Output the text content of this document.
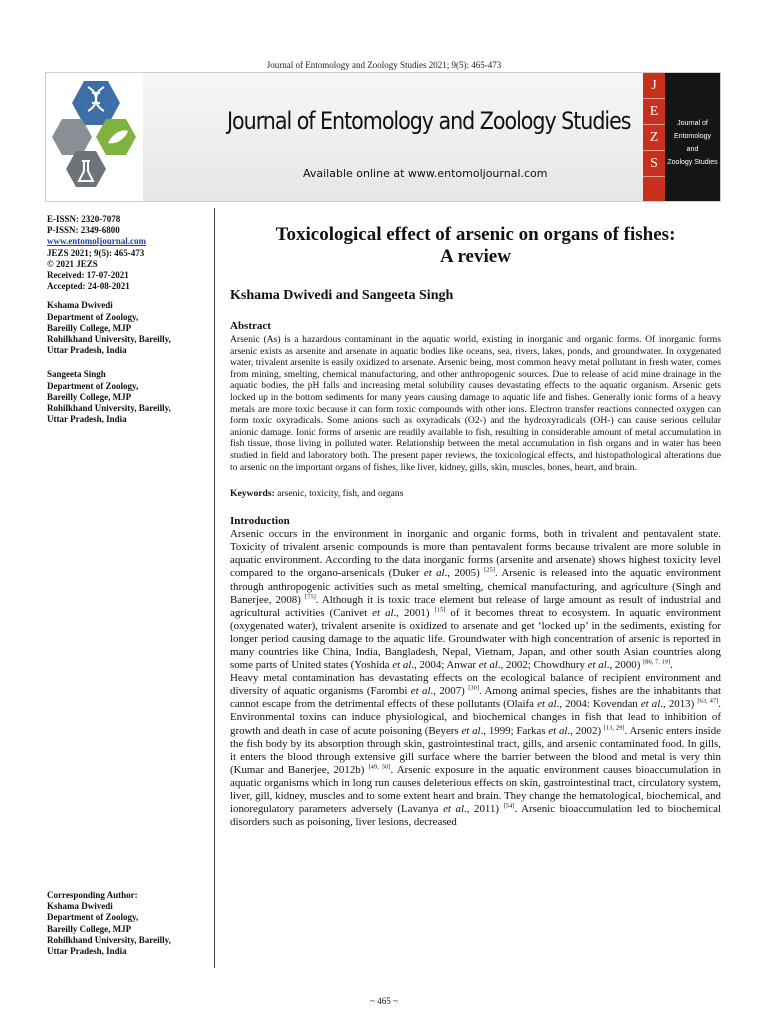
Journal of Entomology and Zoology Studies 2021; 9(5): 465-473
Journal of Entomology and Zoology Studies
Available online at www.entomoljournal.com
J
E
Z
S
Journal of
Entomology
and
Zoology Studies
E-ISSN: 2320-7078
P-ISSN: 2349-6800
www.entomoljournal.com
JEZS 2021; 9(5): 465-473
© 2021 JEZS
Received: 17-07-2021
Accepted: 24-08-2021
Kshama Dwivedi
Department of Zoology,
Bareilly College, MJP
Rohilkhand University, Bareilly,
Uttar Pradesh, India
Sangeeta Singh
Department of Zoology,
Bareilly College, MJP
Rohilkhand University, Bareilly,
Uttar Pradesh, India
Corresponding Author:
Kshama Dwivedi
Department of Zoology,
Bareilly College, MJP
Rohilkhand University, Bareilly,
Uttar Pradesh, India
Toxicological effect of arsenic on organs of fishes:
A review
Kshama Dwivedi and Sangeeta Singh
Abstract

Arsenic (As) is a hazardous contaminant in the aquatic world, existing in inorganic and organic forms. Of inorganic forms arsenic exists as arsenite and arsenate in aquatic bodies like oceans, sea, rivers, lakes, ponds, and groundwater. In oxygenated water, trivalent arsenite is easily oxidized to arsenate. Arsenic being, most common heavy metal pollutant in fresh water, comes from mining, smelting, chemical manufacturing, and other anthropogenic sources. Due to release of acid mine drainage in the aquatic bodies, the pH falls and increasing metal solubility causes devastating effects to the aquatic organism. Arsenic gets locked up in the bottom sediments for many years causing damage to aquatic life and fishes. Generally ionic forms of a heavy metals are more toxic because it can form toxic compounds with other ions. Electron transfer reactions connected oxygen can form toxic oxyradicals. Some anions such as oxyradicals (O2-) and the hydroxyradicals (OH-) can cause serious cellular anionic damage. Ionic forms of arsenic are readily available to fish, resulting in considerable amount of metal accumulation in fish tissue, those living in polluted water. Relationship between the metal accumulation in fish organs and in water has been studied in field and laboratory both. The present paper reviews, the toxicological effects, and histopathological alterations due to arsenic on the important organs of fishes, like liver, kidney, gills, skin, muscles, bones, heart, and brain.

Keywords: arsenic, toxicity, fish, and organs
Introduction

Arsenic occurs in the environment in inorganic and organic forms, both in trivalent and pentavalent state. Toxicity of trivalent arsenic compounds is more than pentavalent forms because trivalent are more soluble in aquatic environment. According to the data inorganic forms (arsenite and arsenate) shows highest toxicity level compared to the organo-arsenicals (Duker et al., 2005) [25]. Arsenic is released into the aquatic environment through anthropogenic activities such as metal smelting, chemical manufacturing, and agriculture (Singh and Banerjee, 2008) [75]. Although it is toxic trace element but release of large amount as result of industrial and agricultural activities (Canivet et al., 2001) [15] of it becomes threat to ecosystem. In aquatic environment (oxygenated water), trivalent arsenite is oxidized to arsenate and get ‘locked up’ in the sediments, existing for longer period causing damage to the aquatic life. Groundwater with high concentration of arsenic is reported in many countries like China, India, Bangladesh, Nepal, Vietnam, Japan, and other south Asian countries along some parts of United states (Yoshida et al., 2004; Anwar et al., 2002; Chowdhury et al., 2000) [86, 7, 19].

Heavy metal contamination has devastating effects on the ecological balance of recipient environment and diversity of aquatic organisms (Farombi et al., 2007) [30]. Among animal species, fishes are the inhabitants that cannot escape from the detrimental effects of these pollutants (Olaifa et al., 2004: Kovendan et al., 2013) [63, 47]. Environmental toxins can induce physiological, and biochemical changes in fish that lead to inhibition of growth and death in case of acute poisoning (Beyers et al., 1999; Farkas et al., 2002) [13, 29]. Arsenic enters inside the fish body by its absorption through skin, gastrointestinal tract, gills, and arsenic contaminated food. In gills, it enters the blood through extensive gill surface where the barrier between the blood and metal is very thin (Kumar and Banerjee, 2012b) [49, 50]. Arsenic exposure in the aquatic environment causes bioaccumulation in aquatic organisms which in long run causes deleterious effects on skin, gastrointestinal tract, circulatory system, liver, gill, kidney, muscles and to some extent heart and brain. They change the hematological, biochemical, and ionoregulatory parameters adversely (Lavanya et al., 2011) [54]. Arsenic bioaccumulation led to biochemical disorders such as poisoning, liver lesions, decreased

~ 465 ~
